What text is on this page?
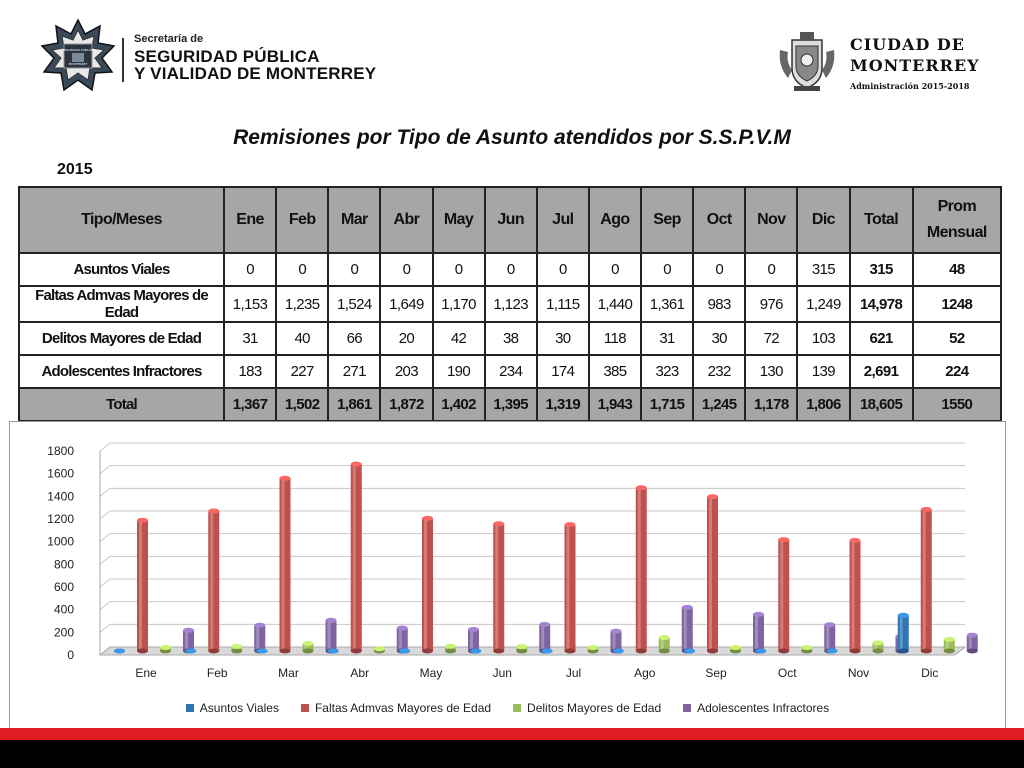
SEGURIDAD PÚBLICA
MONTERREY
Secretaría de
SEGURIDAD PÚBLICA
Y VIALIDAD DE MONTERREY
CIUDAD DE
MONTERREY
Administración 2015-2018
Remisiones por Tipo de Asunto atendidos por S.S.P.V.M
2015
Tipo/Meses	Ene	Feb	Mar	Abr	May	Jun	Jul	Ago	Sep	Oct	Nov	Dic	Total	Prom
Mensual

Asuntos Viales	0	0	0	0	0	0	0	0	0	0	0	315	315	48
Faltas Admvas Mayores de Edad	1,153	1,235	1,524	1,649	1,170	1,123	1,115	1,440	1,361	983	976	1,249	14,978	1248
Delitos Mayores de Edad	31	40	66	20	42	38	30	118	31	30	72	103	621	52
Adolescentes Infractores	183	227	271	203	190	234	174	385	323	232	130	139	2,691	224
Total	1,367	1,502	1,861	1,872	1,402	1,395	1,319	1,943	1,715	1,245	1,178	1,806	18,605	1550
0
200
400
600
800
1000
1200
1400
1600
1800
Ene	Feb	Mar	Abr	May	Jun	Jul	Ago	Sep	Oct	Nov	Dic
Asuntos Viales	Faltas Admvas Mayores de Edad	Delitos Mayores de Edad	Adolescentes Infractores
